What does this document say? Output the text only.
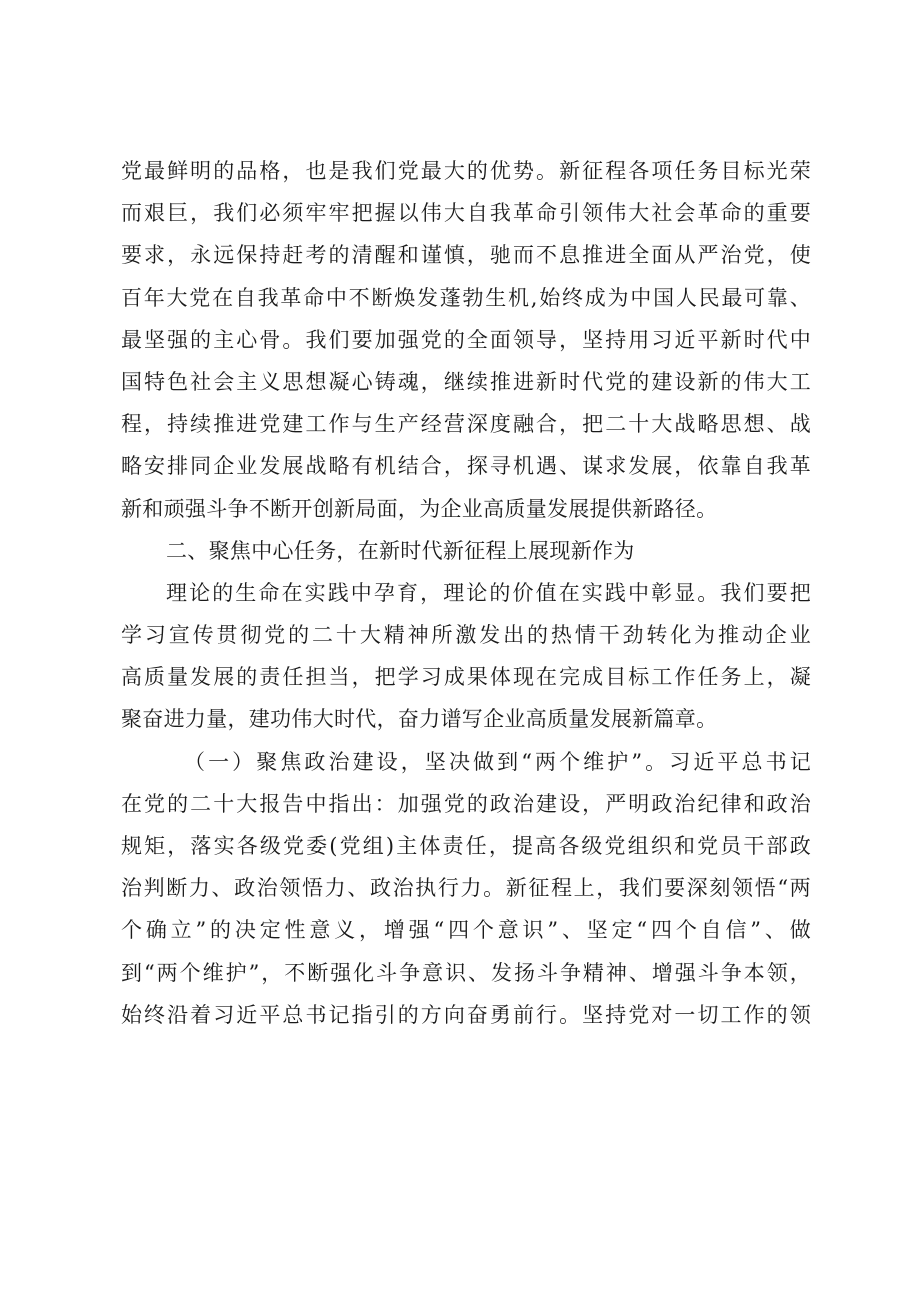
党最鲜明的品格，也是我们党最大的优势。新征程各项任务目标光荣
而艰巨，我们必须牢牢把握以伟大自我革命引领伟大社会革命的重要
要求，永远保持赶考的清醒和谨慎，驰而不息推进全面从严治党，使
百年大党在自我革命中不断焕发蓬勃生机,始终成为中国人民最可靠、
最坚强的主心骨。我们要加强党的全面领导，坚持用习近平新时代中
国特色社会主义思想凝心铸魂，继续推进新时代党的建设新的伟大工
程，持续推进党建工作与生产经营深度融合，把二十大战略思想、战
略安排同企业发展战略有机结合，探寻机遇、谋求发展，依靠自我革
新和顽强斗争不断开创新局面，为企业高质量发展提供新路径。
二、聚焦中心任务，在新时代新征程上展现新作为
理论的生命在实践中孕育，理论的价值在实践中彰显。我们要把
学习宣传贯彻党的二十大精神所激发出的热情干劲转化为推动企业
高质量发展的责任担当，把学习成果体现在完成目标工作任务上，凝
聚奋进力量，建功伟大时代，奋力谱写企业高质量发展新篇章。
（一）聚焦政治建设，坚决做到“两个维护”。习近平总书记
在党的二十大报告中指出：加强党的政治建设，严明政治纪律和政治
规矩，落实各级党委(党组)主体责任，提高各级党组织和党员干部政
治判断力、政治领悟力、政治执行力。新征程上，我们要深刻领悟“两
个确立”的决定性意义，增强“四个意识”、坚定“四个自信”、做
到“两个维护”，不断强化斗争意识、发扬斗争精神、增强斗争本领，
始终沿着习近平总书记指引的方向奋勇前行。坚持党对一切工作的领
